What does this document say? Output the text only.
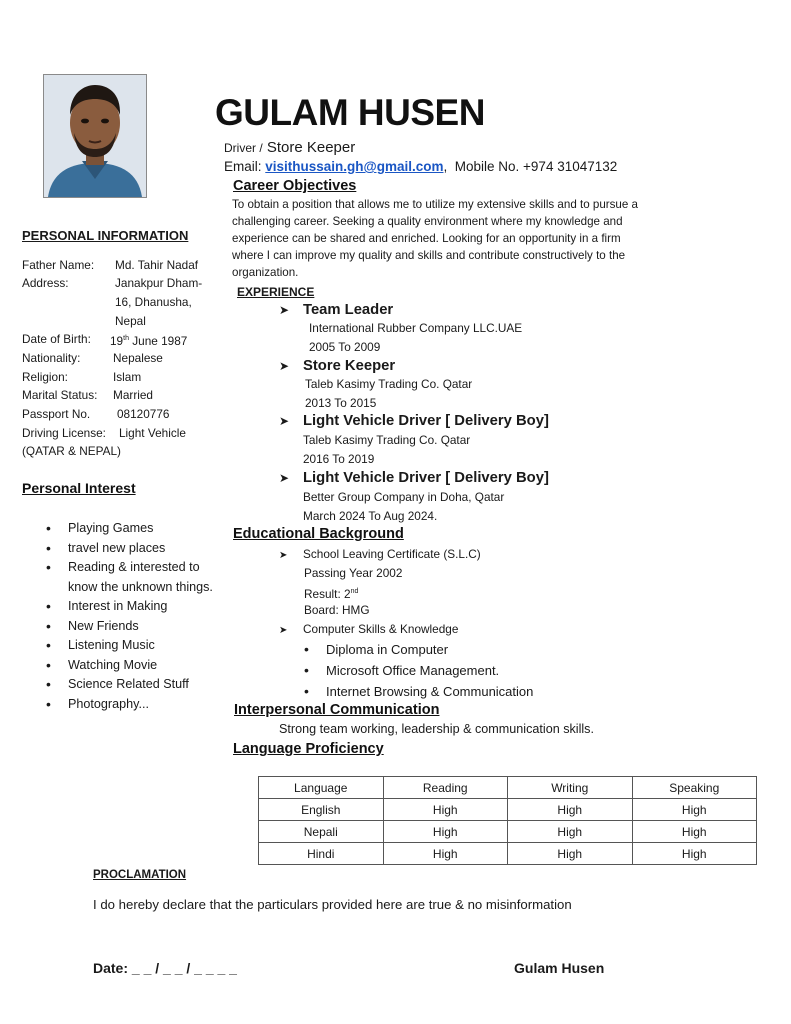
GULAM HUSEN
Driver / Store Keeper
Email: visithussain.gh@gmail.com, Mobile No. +974 31047132
PERSONAL INFORMATION
Father Name: Md. Tahir Nadaf
Address:	Janakpur Dham-
16, Dhanusha,
Nepal
Date of Birth: 19th June 1987
Nationality:	Nepalese
Religion:	Islam
Marital Status: Married
Passport No. 08120776
Driving License: Light Vehicle
(QATAR & NEPAL)
Personal Interest
• Playing Games
• travel new places
• Reading & interested to know the unknown things.
• Interest in Making
• New Friends
• Listening Music
• Watching Movie
• Science Related Stuff
• Photography...
Career Objectives
To obtain a position that allows me to utilize my extensive skills and to pursue a
challenging career. Seeking a quality environment where my knowledge and
experience can be shared and enriched. Looking for an opportunity in a firm
where I can improve my quality and skills and contribute constructively to the
organization.
EXPERIENCE
➤ Team Leader
International Rubber Company LLC.UAE
2005 To 2009
➤ Store Keeper
Taleb Kasimy Trading Co. Qatar
2013 To 2015
➤ Light Vehicle Driver [ Delivery Boy]
Taleb Kasimy Trading Co. Qatar
2016 To 2019
➤ Light Vehicle Driver [ Delivery Boy]
Better Group Company in Doha, Qatar
March 2024 To Aug 2024.
Educational Background
➤ School Leaving Certificate (S.L.C)
Passing Year 2002
Result: 2nd
Board: HMG
➤ Computer Skills & Knowledge
• Diploma in Computer
• Microsoft Office Management.
• Internet Browsing & Communication
Interpersonal Communication
Strong team working, leadership & communication skills.
Language Proficiency
Language	Reading	Writing	Speaking
English	High	High	High
Nepali	High	High	High
Hindi	High	High	High
PROCLAMATION
I do hereby declare that the particulars provided here are true & no misinformation
Date: _ _ / _ _ / _ _ _ _	Gulam Husen
